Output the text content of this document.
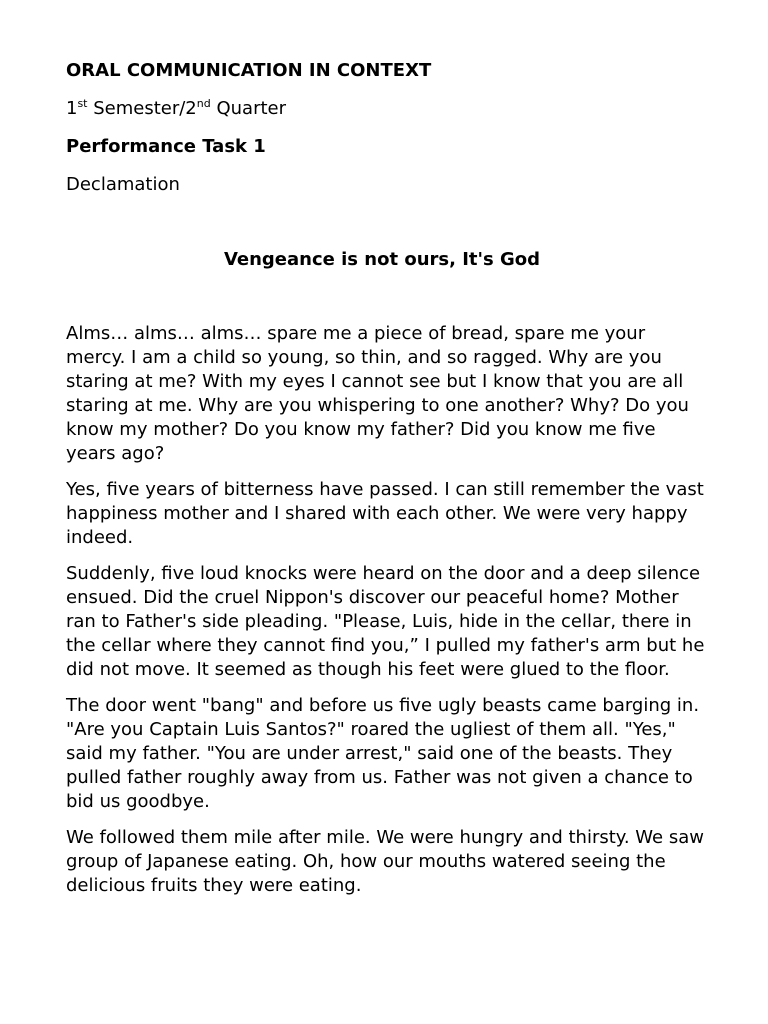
ORAL COMMUNICATION IN CONTEXT
1st Semester/2nd Quarter
Performance Task 1
Declamation
Vengeance is not ours, It's God

Alms… alms… alms… spare me a piece of bread, spare me your mercy. I am a child so young, so thin, and so ragged. Why are you staring at me? With my eyes I cannot see but I know that you are all staring at me. Why are you whispering to one another? Why? Do you know my mother? Do you know my father? Did you know me five years ago?

Yes, five years of bitterness have passed. I can still remember the vast happiness mother and I shared with each other. We were very happy indeed.

Suddenly, five loud knocks were heard on the door and a deep silence ensued. Did the cruel Nippon's discover our peaceful home? Mother ran to Father's side pleading. "Please, Luis, hide in the cellar, there in the cellar where they cannot find you,” I pulled my father's arm but he did not move. It seemed as though his feet were glued to the floor.

The door went "bang" and before us five ugly beasts came barging in. "Are you Captain Luis Santos?" roared the ugliest of them all. "Yes," said my father. "You are under arrest," said one of the beasts. They pulled father roughly away from us. Father was not given a chance to bid us goodbye.

We followed them mile after mile. We were hungry and thirsty. We saw group of Japanese eating. Oh, how our mouths watered seeing the delicious fruits they were eating.
